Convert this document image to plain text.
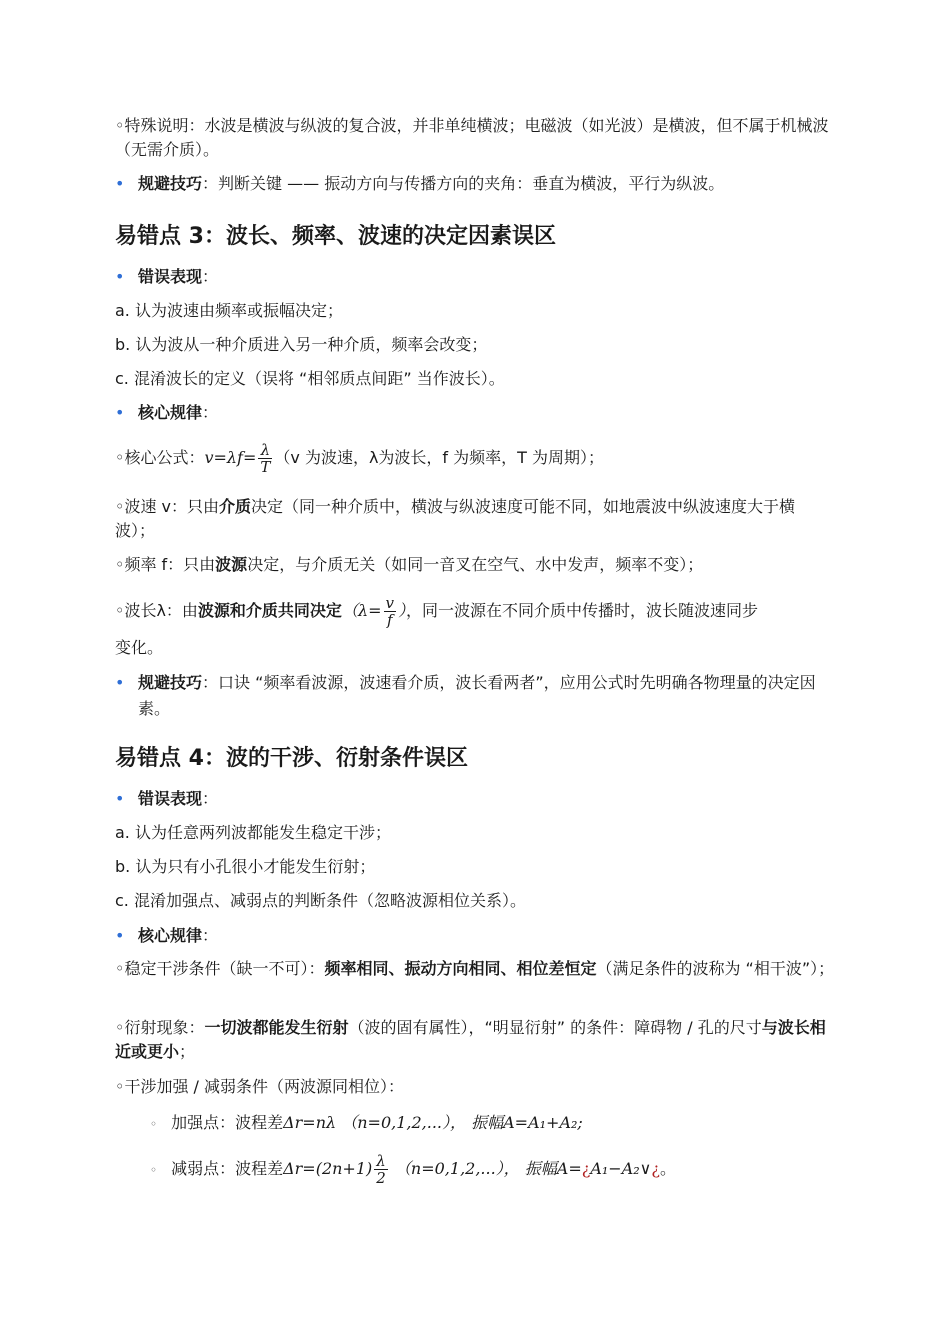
◦特殊说明：水波是横波与纵波的复合波，并非单纯横波；电磁波（如光波）是横波，但不属于机械波（无需介质）。

• 规避技巧：判断关键 —— 振动方向与传播方向的夹角：垂直为横波，平行为纵波。
易错点 3：波长、频率、波速的决定因素误区
• 错误表现：

a. 认为波速由频率或振幅决定；

b. 认为波从一种介质进入另一种介质，频率会改变；

c. 混淆波长的定义（误将 “相邻质点间距” 当作波长）。

• 核心规律：

◦核心公式：$v=\lambda f= \frac{\lambda}{T} (v$ 为波速，λ为波长，f 为频率，T 为周期）；

◦波速 v：只由介质决定（同一种介质中，横波与纵波速度可能不同，如地震波中纵波速度大于横波）；

◦频率 f：只由波源决定，与介质无关（如同一音叉在空气、水中发声，频率不变）；

◦波长λ：由波源和介质共同决定（$\lambda= \frac{v}{f}$ ），同一波源在不同介质中传播时，波长随波速同步

变化。

• 规避技巧：口诀 “频率看波源，波速看介质，波长看两者”，应用公式时先明确各物理量的决定因素。
易错点 4：波的干涉、衍射条件误区
• 错误表现：

a. 认为任意两列波都能发生稳定干涉；

b. 认为只有小孔很小才能发生衍射；

c. 混淆加强点、减弱点的判断条件（忽略波源相位关系）。

• 核心规律：

◦稳定干涉条件（缺一不可）：频率相同、振动方向相同、相位差恒定（满足条件的波称为 “相干波”）；

◦衍射现象：一切波都能发生衍射（波的固有属性），“明显衍射” 的条件：障碍物 / 孔的尺寸与波长相近或更小；

◦干涉加强 / 减弱条件（两波源同相位）：

◦ 加强点：波程差Δr=nλ （n=0,1,2,...）， 振幅A=A₁+A₂;
◦ 减弱点：波程差$\Delta r=(2n+1) \frac{\lambda}{2} (n=0,1,2,...)$， 振幅A=¿A₁−A₂∨¿。
